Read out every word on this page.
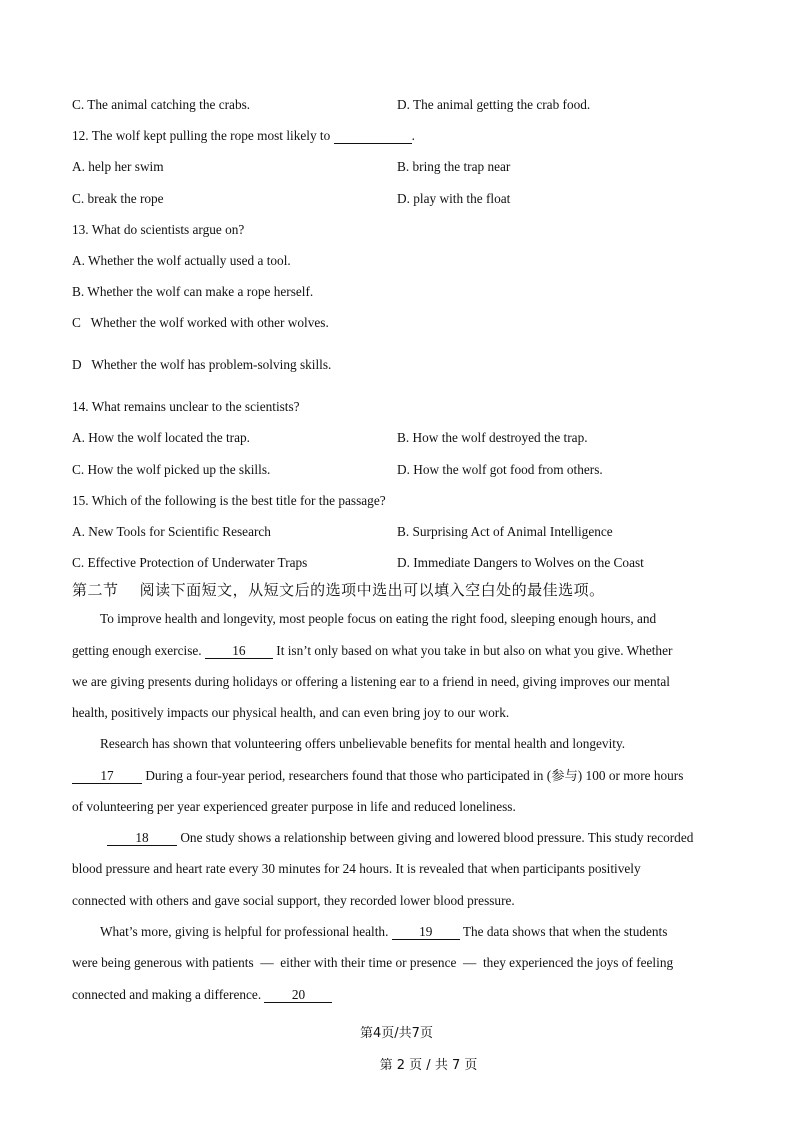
C. The animal catching the crabs.	D. The animal getting the crab food.
12. The wolf kept pulling the rope most likely to	.
A. help her swim	B. bring the trap near
C. break the rope	D. play with the float
13. What do scientists argue on?
A. Whether the wolf actually used a tool.
B. Whether the wolf can make a rope herself.
C   Whether the wolf worked with other wolves.
D   Whether the wolf has problem-solving skills.
14. What remains unclear to the scientists?
A. How the wolf located the trap.	B. How the wolf destroyed the trap.
C. How the wolf picked up the skills.	D. How the wolf got food from others.
15. Which of the following is the best title for the passage?
A. New Tools for Scientific Research	B. Surprising Act of Animal Intelligence
C. Effective Protection of Underwater Traps	D. Immediate Dangers to Wolves on the Coast
第二节    阅读下面短文，从短文后的选项中选出可以填入空白处的最佳选项。
To improve health and longevity, most people focus on eating the right food, sleeping enough hours, and
getting enough exercise. 16 It isn’t only based on what you take in but also on what you give. Whether
we are giving presents during holidays or offering a listening ear to a friend in need, giving improves our mental
health, positively impacts our physical health, and can even bring joy to our work.
Research has shown that volunteering offers unbelievable benefits for mental health and longevity.
17 During a four-year period, researchers found that those who participated in (参与) 100 or more hours
of volunteering per year experienced greater purpose in life and reduced loneliness.
18 One study shows a relationship between giving and lowered blood pressure. This study recorded
blood pressure and heart rate every 30 minutes for 24 hours. It is revealed that when participants positively
connected with others and gave social support, they recorded lower blood pressure.
What’s more, giving is helpful for professional health. 19 The data shows that when the students
were being generous with patients  —  either with their time or presence  —  they experienced the joys of feeling
connected and making a difference. 20
第4页/共7页
第 2 页 / 共 7 页
